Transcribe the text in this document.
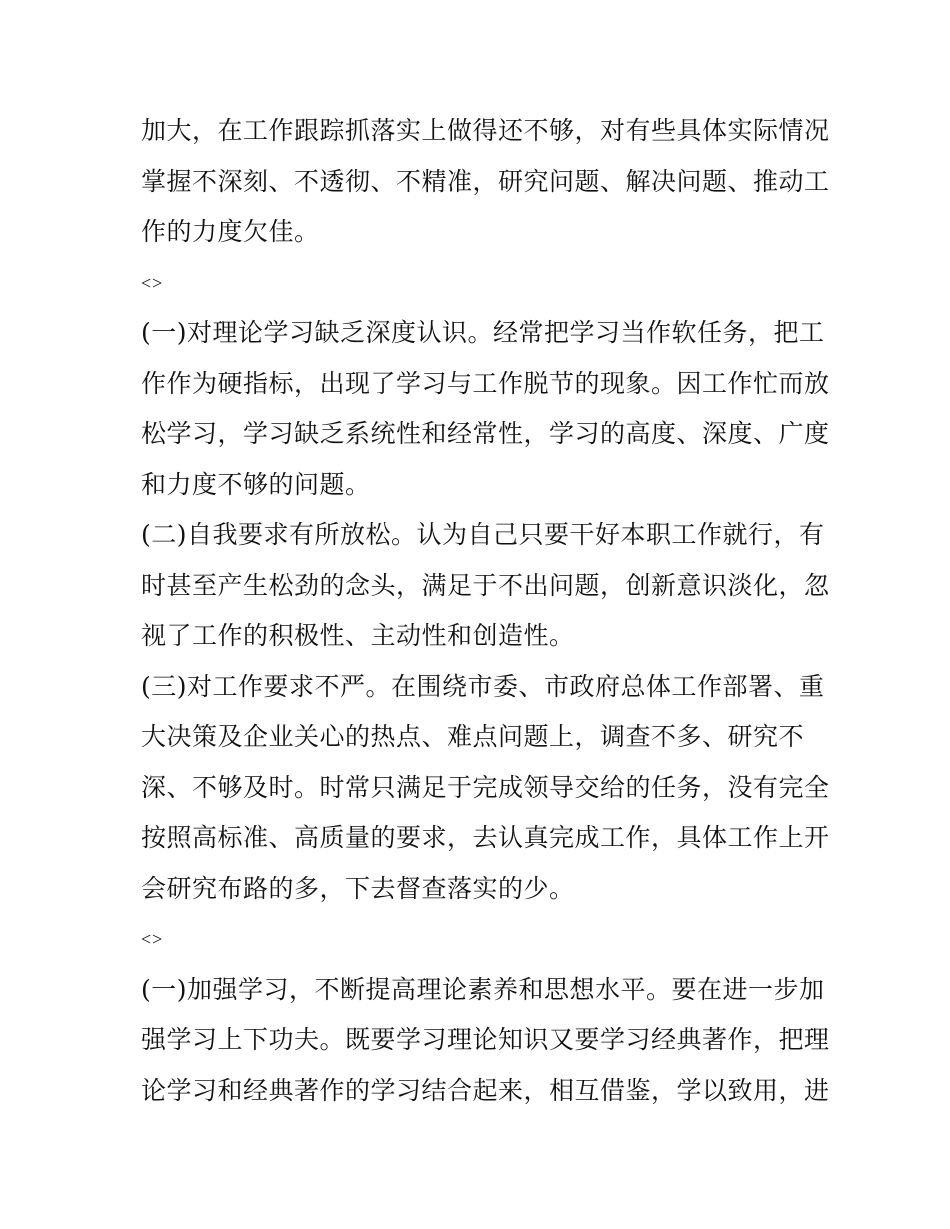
加大，在工作跟踪抓落实上做得还不够，对有些具体实际情况

掌握不深刻、不透彻、不精准，研究问题、解决问题、推动工

作的力度欠佳。

<>

(一)对理论学习缺乏深度认识。经常把学习当作软任务，把工

作作为硬指标，出现了学习与工作脱节的现象。因工作忙而放

松学习，学习缺乏系统性和经常性，学习的高度、深度、广度

和力度不够的问题。

(二)自我要求有所放松。认为自己只要干好本职工作就行，有

时甚至产生松劲的念头，满足于不出问题，创新意识淡化，忽

视了工作的积极性、主动性和创造性。

(三)对工作要求不严。在围绕市委、市政府总体工作部署、重

大决策及企业关心的热点、难点问题上，调查不多、研究不

深、不够及时。时常只满足于完成领导交给的任务，没有完全

按照高标准、高质量的要求，去认真完成工作，具体工作上开

会研究布路的多，下去督查落实的少。

<>

(一)加强学习，不断提高理论素养和思想水平。要在进一步加

强学习上下功夫。既要学习理论知识又要学习经典著作，把理

论学习和经典著作的学习结合起来，相互借鉴，学以致用，进
